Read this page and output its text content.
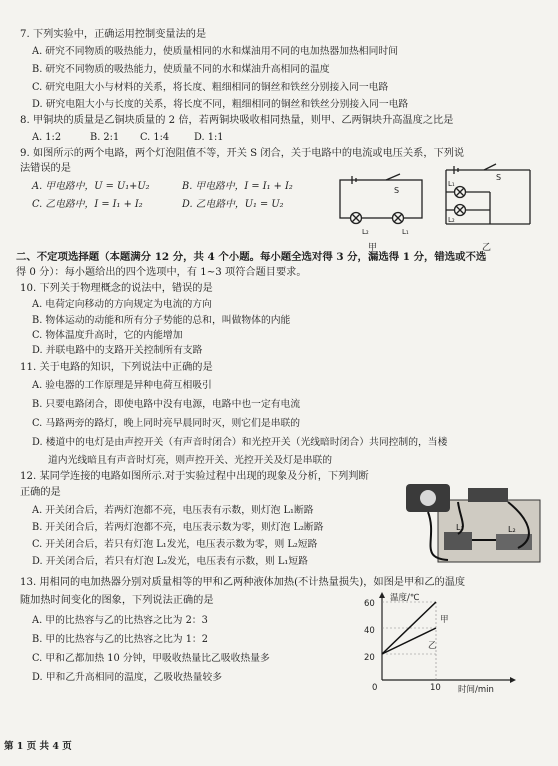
7. 下列实验中，正确运用控制变量法的是
A. 研究不同物质的吸热能力，使质量相同的水和煤油用不同的电加热器加热相同时间
B. 研究不同物质的吸热能力，使质量不同的水和煤油升高相同的温度
C. 研究电阻大小与材料的关系，将长度、粗细相同的铜丝和铁丝分别接入同一电路
D. 研究电阻大小与长度的关系，将长度不同，粗细相同的铜丝和铁丝分别接入同一电路
8. 甲铜块的质量是乙铜块质量的 2 倍，若两铜块吸收相同热量，则甲、乙两铜块升高温度之比是
A. 1:2	B. 2:1 C. 1:4	D. 1:1
9. 如图所示的两个电路，两个灯泡阻值不等，开关 S 闭合，关于电路中的电流或电压关系，下列说
法错误的是
A. 甲电路中，U = U₁+U₂	B. 甲电路中，I = I₁ + I₂
C. 乙电路中，I = I₁ + I₂	D. 乙电路中，U₁ = U₂
S
L₂	L₁
甲
S
L₁
L₂
乙
二、不定项选择题（本题满分 12 分，共 4 个小题。每小题全选对得 3 分，漏选得 1 分，错选或不选
得 0 分）：每小题给出的四个选项中，有 1~3 项符合题目要求。
10. 下列关于物理概念的说法中，错误的是
A. 电荷定向移动的方向规定为电流的方向
B. 物体运动的动能和所有分子势能的总和，叫做物体的内能
C. 物体温度升高时，它的内能增加
D. 并联电路中的支路开关控制所有支路
11. 关于电路的知识，下列说法中正确的是
A. 验电器的工作原理是异种电荷互相吸引
B. 只要电路闭合，即使电路中没有电源，电路中也一定有电流
C. 马路两旁的路灯，晚上同时亮早晨同时灭，则它们是串联的
D. 楼道中的电灯是由声控开关（有声音时闭合）和光控开关（光线暗时闭合）共同控制的，当楼
道内光线暗且有声音时灯亮，则声控开关、光控开关及灯是串联的
12. 某同学连接的电路如图所示.对于实验过程中出现的现象及分析，下列判断
正确的是
A. 开关闭合后，若两灯泡都不亮，电压表有示数，则灯泡 L₁断路
B. 开关闭合后，若两灯泡都不亮，电压表示数为零，则灯泡 L₂断路
C. 开关闭合后，若只有灯泡 L₁发光，电压表示数为零，则 L₂短路
D. 开关闭合后，若只有灯泡 L₂发光，电压表有示数，则 L₁短路
L₁	L₂
13. 用相同的电加热器分别对质量相等的甲和乙两种液体加热(不计热量损失)，如图是甲和乙的温度
随加热时间变化的图象，下列说法正确的是
A. 甲的比热容与乙的比热容之比为 2：3
B. 甲的比热容与乙的比热容之比为 1：2
C. 甲和乙都加热 10 分钟，甲吸收热量比乙吸收热量多
D. 甲和乙升高相同的温度，乙吸收热量较多
温度/℃
时间/min
60
40
20
0	10
甲
乙
第 1 页 共 4 页
